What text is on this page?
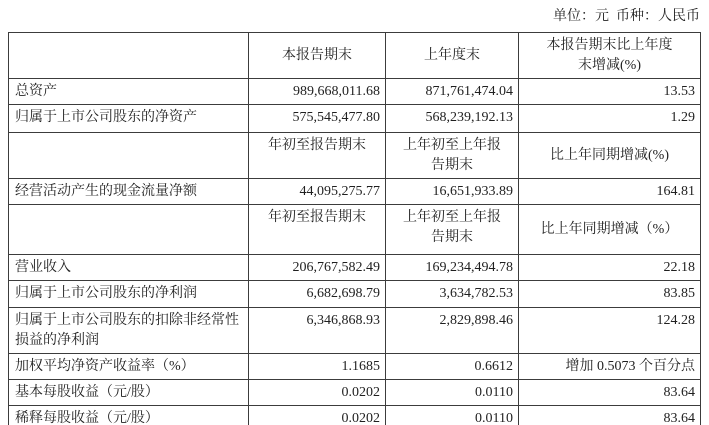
单位：元  币种：人民币
	本报告期末	上年度末	本报告期末比上年度末增减(%)
总资产	989,668,011.68	871,761,474.04	13.53
归属于上市公司股东的净资产	575,545,477.80	568,239,192.13	1.29
	年初至报告期末	上年初至上年报告期末	比上年同期增减(%)
经营活动产生的现金流量净额	44,095,275.77	16,651,933.89	164.81
	年初至报告期末	上年初至上年报告期末	比上年同期增减（%）
营业收入	206,767,582.49	169,234,494.78	22.18
归属于上市公司股东的净利润	6,682,698.79	3,634,782.53	83.85
归属于上市公司股东的扣除非经常性损益的净利润	6,346,868.93	2,829,898.46	124.28
加权平均净资产收益率（%）	1.1685	0.6612	增加 0.5073 个百分点
基本每股收益（元/股）	0.0202	0.0110	83.64
稀释每股收益（元/股）	0.0202	0.0110	83.64
